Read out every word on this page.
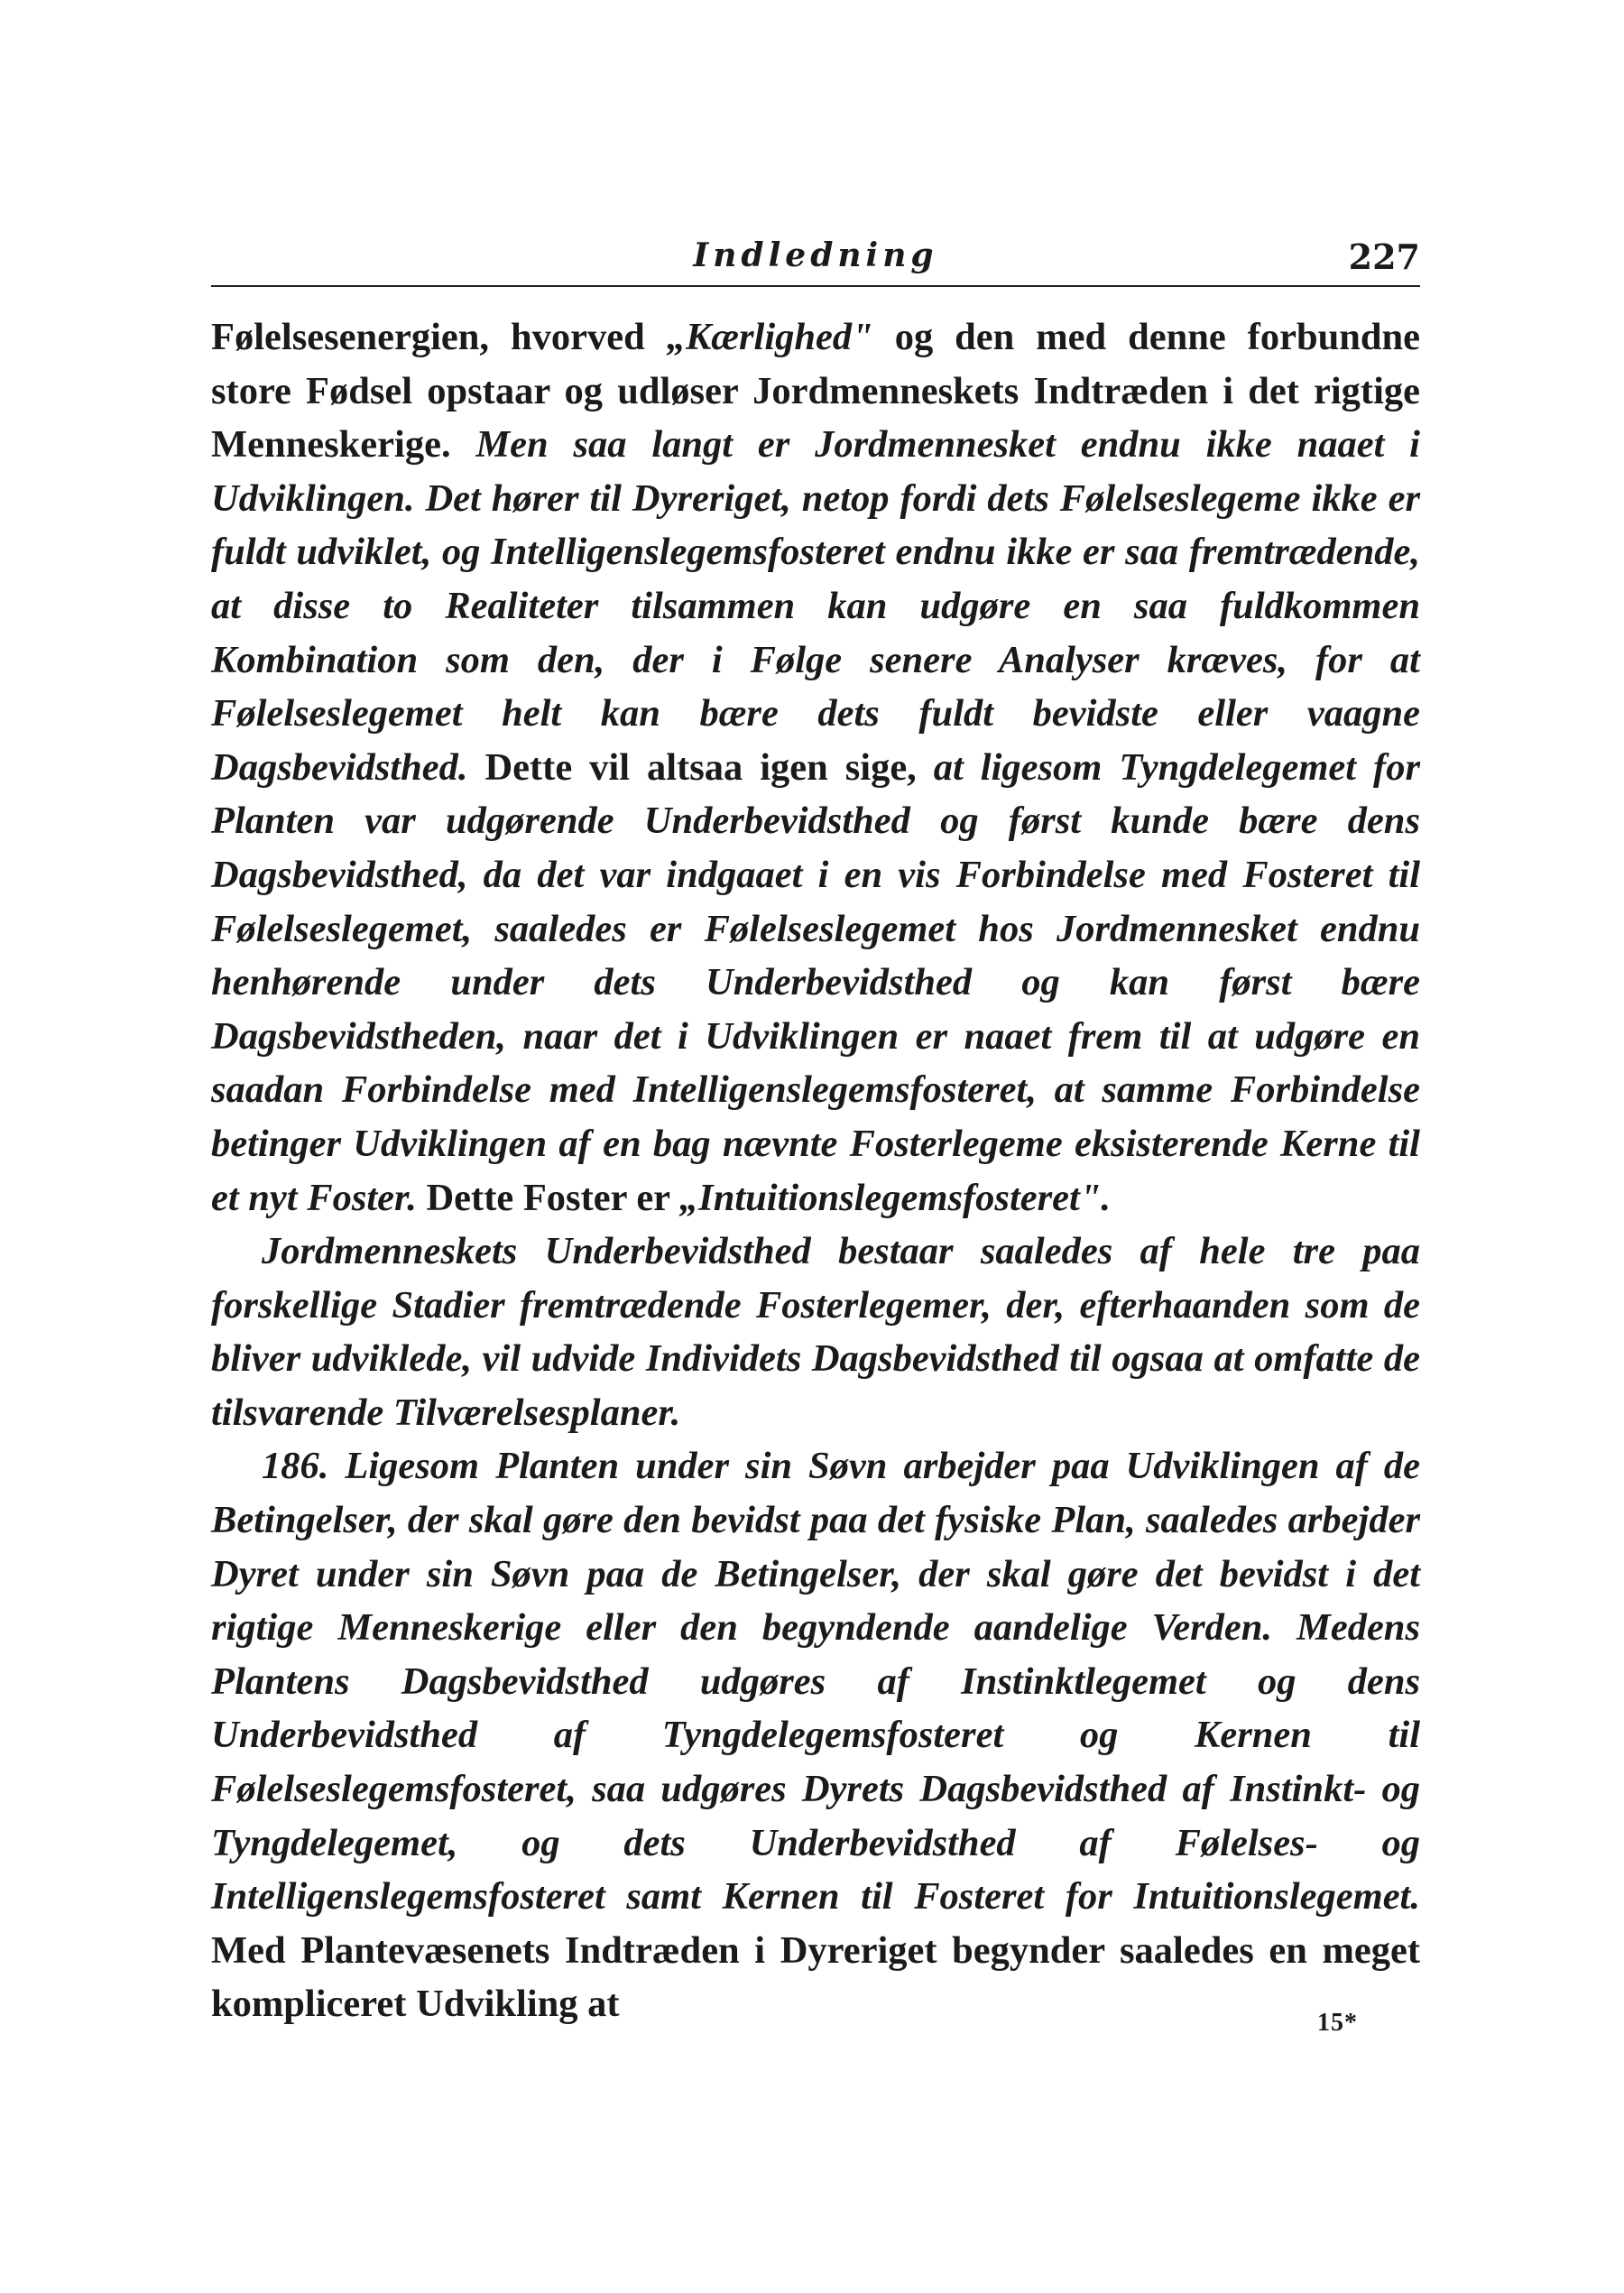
Indledning	227

Følelsesenergien, hvorved „Kærlighed" og den med denne forbundne store Fødsel opstaar og udløser Jordmenneskets Indtræden i det rigtige Menneskerige. Men saa langt er Jordmennesket endnu ikke naaet i Udviklingen. Det hører til Dyreriget, netop fordi dets Følelseslegeme ikke er fuldt udviklet, og Intelligenslegemsfosteret endnu ikke er saa fremtrædende, at disse to Realiteter tilsammen kan udgøre en saa fuldkommen Kombination som den, der i Følge senere Analyser kræves, for at Følelseslegemet helt kan bære dets fuldt bevidste eller vaagne Dagsbevidsthed. Dette vil altsaa igen sige, at ligesom Tyngdelegemet for Planten var udgørende Underbevidsthed og først kunde bære dens Dagsbevidsthed, da det var indgaaet i en vis Forbindelse med Fosteret til Følelseslegemet, saaledes er Følelseslegemet hos Jordmennesket endnu henhørende under dets Underbevidsthed og kan først bære Dagsbevidstheden, naar det i Udviklingen er naaet frem til at udgøre en saadan Forbindelse med Intelligenslegemsfosteret, at samme Forbindelse betinger Udviklingen af en bag nævnte Fosterlegeme eksisterende Kerne til et nyt Foster. Dette Foster er „Intuitionslegemsfosteret".

Jordmenneskets Underbevidsthed bestaar saaledes af hele tre paa forskellige Stadier fremtrædende Fosterlegemer, der, efterhaanden som de bliver udviklede, vil udvide Individets Dagsbevidsthed til ogsaa at omfatte de tilsvarende Tilværelsesplaner.

186. Ligesom Planten under sin Søvn arbejder paa Udviklingen af de Betingelser, der skal gøre den bevidst paa det fysiske Plan, saaledes arbejder Dyret under sin Søvn paa de Betingelser, der skal gøre det bevidst i det rigtige Menneskerige eller den begyndende aandelige Verden. Medens Plantens Dagsbevidsthed udgøres af Instinktlegemet og dens Underbevidsthed af Tyngdelegemsfosteret og Kernen til Følelseslegemsfosteret, saa udgøres Dyrets Dagsbevidsthed af Instinkt- og Tyngdelegemet, og dets Underbevidsthed af Følelses- og Intelligenslegemsfosteret samt Kernen til Fosteret for Intuitionslegemet. Med Plantevæsenets Indtræden i Dyreriget begynder saaledes en meget kompliceret Udvikling at	15*
